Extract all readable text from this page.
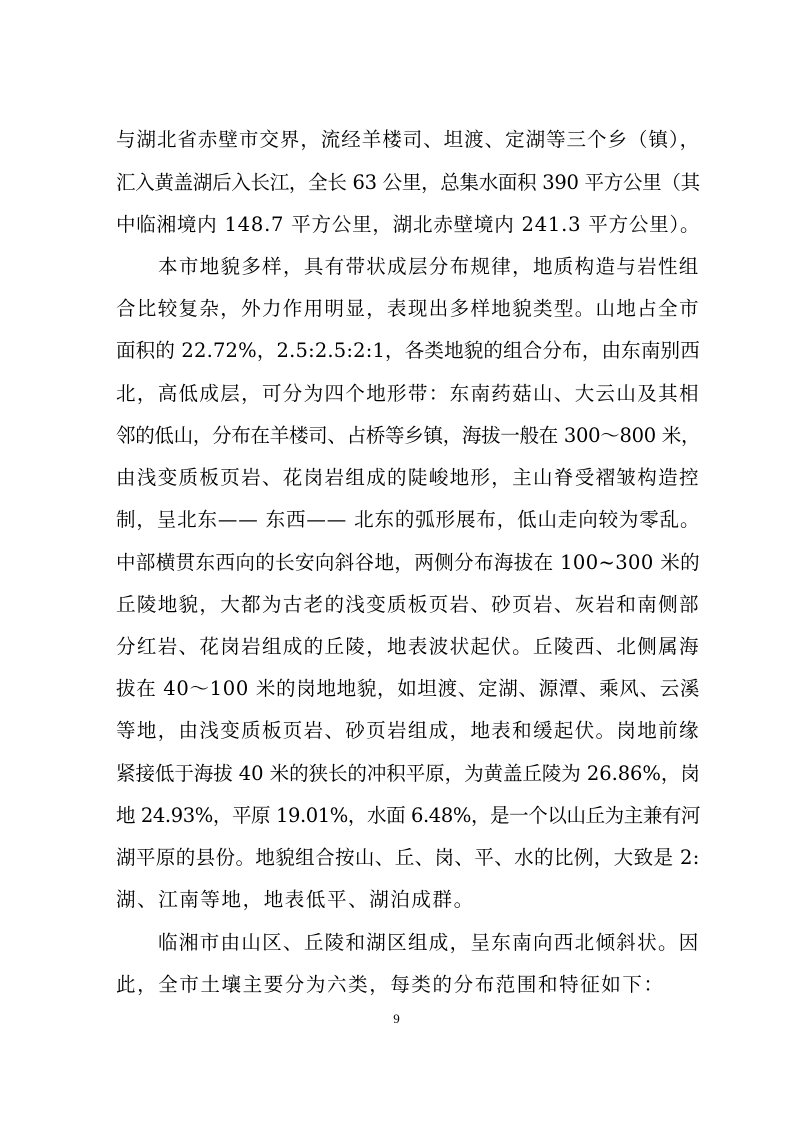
与湖北省赤壁市交界，流经羊楼司、坦渡、定湖等三个乡（镇），
汇入黄盖湖后入长江，全长 63 公里，总集水面积 390 平方公里（其
中临湘境内 148.7 平方公里，湖北赤壁境内 241.3 平方公里）。
本市地貌多样，具有带状成层分布规律，地质构造与岩性组
合比较复杂，外力作用明显，表现出多样地貌类型。山地占全市
面积的 22.72%，2.5:2.5:2:1，各类地貌的组合分布，由东南别西
北，高低成层，可分为四个地形带：东南药菇山、大云山及其相
邻的低山，分布在羊楼司、占桥等乡镇，海拔一般在 300～800 米，
由浅变质板页岩、花岗岩组成的陡峻地形，主山脊受褶皱构造控
制，呈北东—— 东西—— 北东的弧形展布，低山走向较为零乱。
中部横贯东西向的长安向斜谷地，两侧分布海拔在 100~300 米的
丘陵地貌，大都为古老的浅变质板页岩、砂页岩、灰岩和南侧部
分红岩、花岗岩组成的丘陵，地表波状起伏。丘陵西、北侧属海
拔在 40～100 米的岗地地貌，如坦渡、定湖、源潭、乘风、云溪
等地，由浅变质板页岩、砂页岩组成，地表和缓起伏。岗地前缘
紧接低于海拔 40 米的狭长的冲积平原，为黄盖丘陵为 26.86%，岗
地 24.93%，平原 19.01%，水面 6.48%，是一个以山丘为主兼有河
湖平原的县份。地貌组合按山、丘、岗、平、水的比例，大致是 2:
湖、江南等地，地表低平、湖泊成群。
临湘市由山区、丘陵和湖区组成，呈东南向西北倾斜状。因
此，全市土壤主要分为六类，每类的分布范围和特征如下：
9
